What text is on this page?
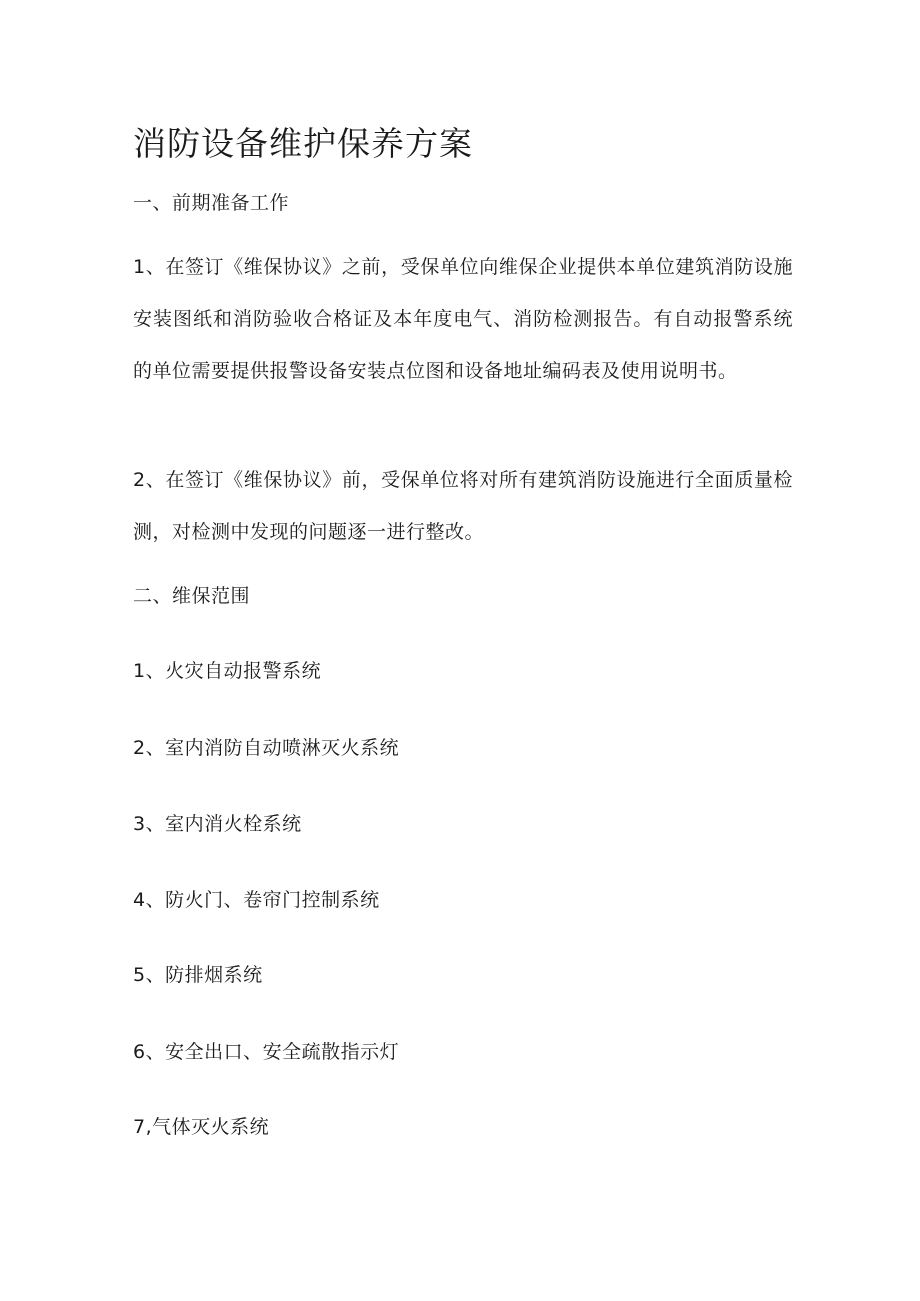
消防设备维护保养方案

一、前期准备工作

1、在签订《维保协议》之前，受保单位向维保企业提供本单位建筑消防设施安装图纸和消防验收合格证及本年度电气、消防检测报告。有自动报警系统的单位需要提供报警设备安装点位图和设备地址编码表及使用说明书。

2、在签订《维保协议》前，受保单位将对所有建筑消防设施进行全面质量检测，对检测中发现的问题逐一进行整改。

二、维保范围

1、火灾自动报警系统

2、室内消防自动喷淋灭火系统

3、室内消火栓系统

4、防火门、卷帘门控制系统

5、防排烟系统

6、安全出口、安全疏散指示灯

7,气体灭火系统
